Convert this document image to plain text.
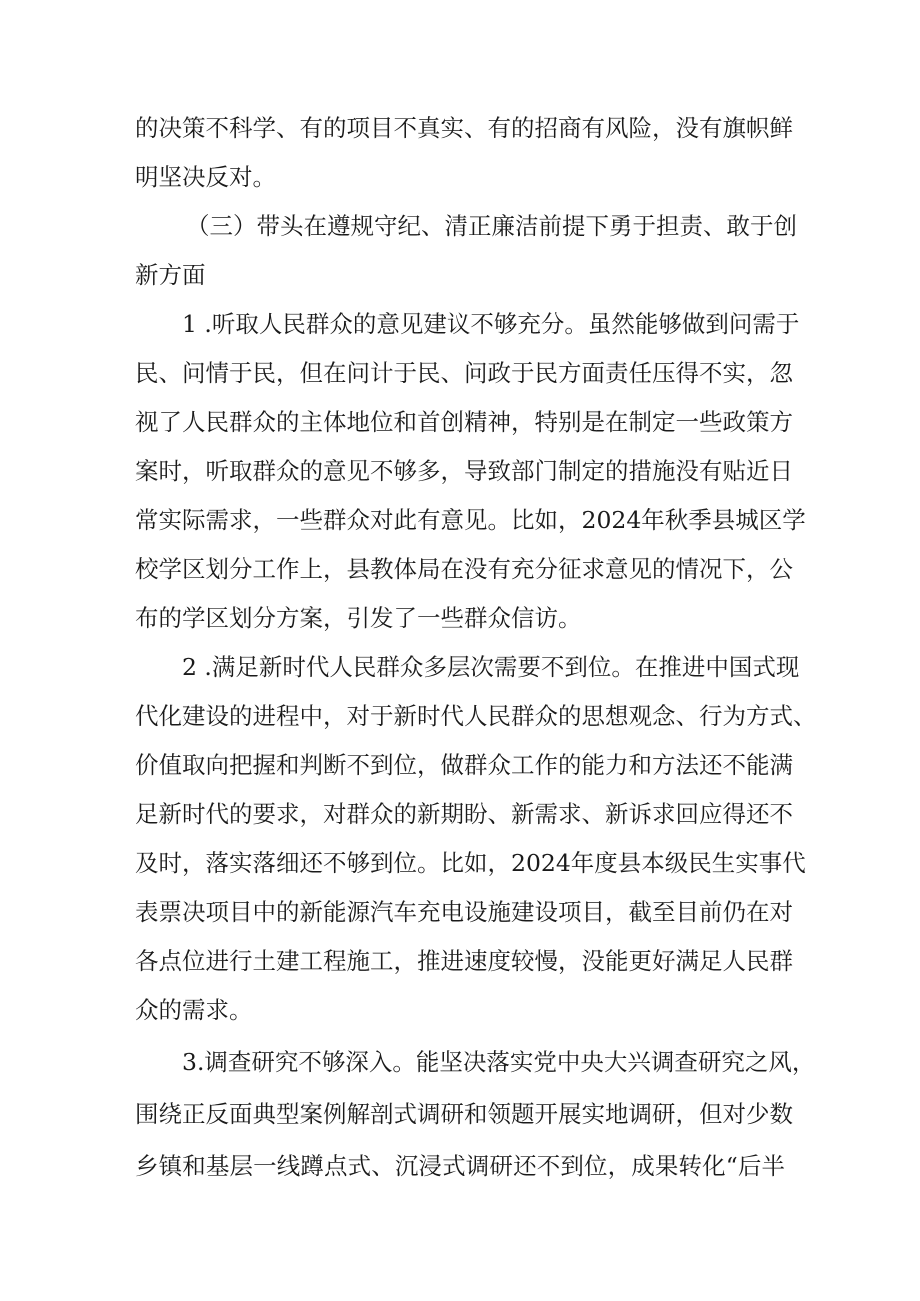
的决策不科学、有的项目不真实、有的招商有风险，没有旗帜鲜
明坚决反对。
（三）带头在遵规守纪、清正廉洁前提下勇于担责、敢于创
新方面
1 .听取人民群众的意见建议不够充分。虽然能够做到问需于
民、问情于民，但在问计于民、问政于民方面责任压得不实，忽
视了人民群众的主体地位和首创精神，特别是在制定一些政策方
案时，听取群众的意见不够多，导致部门制定的措施没有贴近日
常实际需求，一些群众对此有意见。比如，2024年秋季县城区学
校学区划分工作上，县教体局在没有充分征求意见的情况下，公
布的学区划分方案，引发了一些群众信访。
2 .满足新时代人民群众多层次需要不到位。在推进中国式现
代化建设的进程中，对于新时代人民群众的思想观念、行为方式、
价值取向把握和判断不到位，做群众工作的能力和方法还不能满
足新时代的要求，对群众的新期盼、新需求、新诉求回应得还不
及时，落实落细还不够到位。比如，2024年度县本级民生实事代
表票决项目中的新能源汽车充电设施建设项目，截至目前仍在对
各点位进行土建工程施工，推进速度较慢，没能更好满足人民群
众的需求。
3.调查研究不够深入。能坚决落实党中央大兴调查研究之风，
围绕正反面典型案例解剖式调研和领题开展实地调研，但对少数
乡镇和基层一线蹲点式、沉浸式调研还不到位，成果转化“后半
